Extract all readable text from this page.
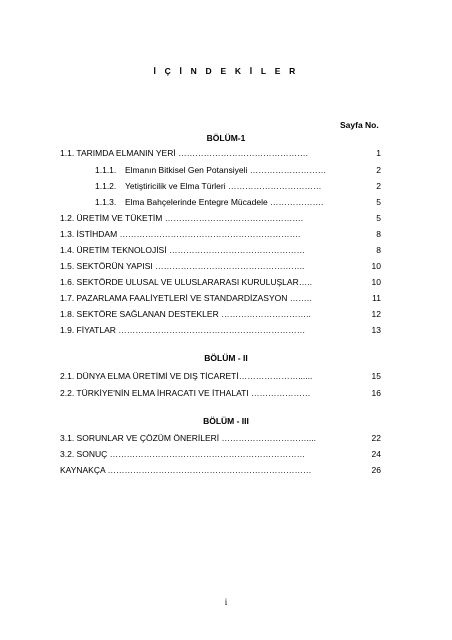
İ Ç İ N D E K İ L E R
Sayfa No.
BÖLÜM-1
1.1. TARIMDA ELMANIN YERİ ……………………………………….	1
1.1.1. Elmanın Bitkisel Gen Potansiyeli ………………………	2
1.1.2. Yetiştiricilik ve Elma Türleri ……………………………	2
1.1.3. Elma Bahçelerinde Entegre Mücadele ……………….	5
1.2. ÜRETİM VE TÜKETİM ………………………………………….	5
1.3. İSTİHDAM ……………………………………………………….	8
1.4. ÜRETİM TEKNOLOJİSİ …………………………………………	8
1.5. SEKTÖRÜN YAPISI ……………………………………………..	10
1.6. SEKTÖRDE ULUSAL VE ULUSLARARASI KURULUŞLAR…..	10
1.7. PAZARLAMA FAALİYETLERİ VE STANDARDİZASYON ……..	11
1.8. SEKTÖRE SAĞLANAN DESTEKLER …………………………..	12
1.9. FİYATLAR …………………………………………………………	13
BÖLÜM - II
2.1. DÜNYA ELMA ÜRETİMİ VE DIŞ TİCARETİ…………………......	15
2.2. TÜRKİYE'NİN ELMA İHRACATI VE İTHALATI …………………	16
BÖLÜM - III
3.1. SORUNLAR VE ÇÖZÜM ÖNERİLERİ …………………………....	22
3.2. SONUÇ ……………………………………………………………	24
KAYNAKÇA ………………………………………………………………	26
i
